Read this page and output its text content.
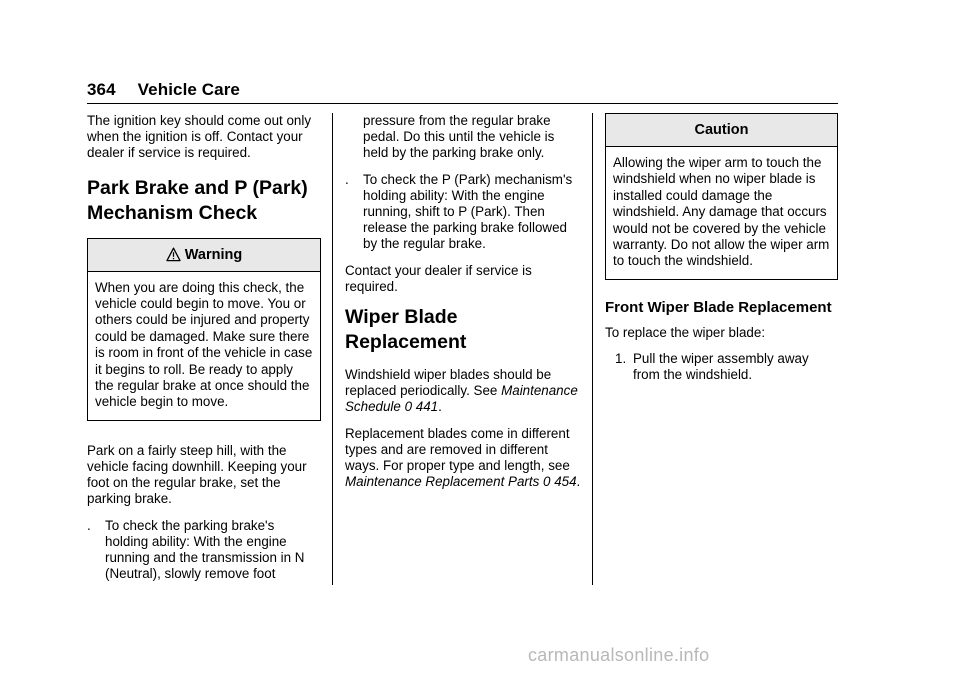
364 Vehicle Care

The ignition key should come out only when the ignition is off. Contact your dealer if service is required.

Park Brake and P (Park) Mechanism Check
Warning
When you are doing this check, the vehicle could begin to move. You or others could be injured and property could be damaged. Make sure there is room in front of the vehicle in case it begins to roll. Be ready to apply the regular brake at once should the vehicle begin to move.

Park on a fairly steep hill, with the vehicle facing downhill. Keeping your foot on the regular brake, set the parking brake.

. To check the parking brake's holding ability: With the engine running and the transmission in N (Neutral), slowly remove foot

pressure from the regular brake pedal. Do this until the vehicle is held by the parking brake only.

. To check the P (Park) mechanism's holding ability: With the engine running, shift to P (Park). Then release the parking brake followed by the regular brake.

Contact your dealer if service is required.

Wiper Blade Replacement

Windshield wiper blades should be replaced periodically. See Maintenance Schedule 0 441.

Replacement blades come in different types and are removed in different ways. For proper type and length, see Maintenance Replacement Parts 0 454.

Caution
Allowing the wiper arm to touch the windshield when no wiper blade is installed could damage the windshield. Any damage that occurs would not be covered by the vehicle warranty. Do not allow the wiper arm to touch the windshield.
Front Wiper Blade Replacement

To replace the wiper blade:

1. Pull the wiper assembly away from the windshield.
carmanualsonline.info
